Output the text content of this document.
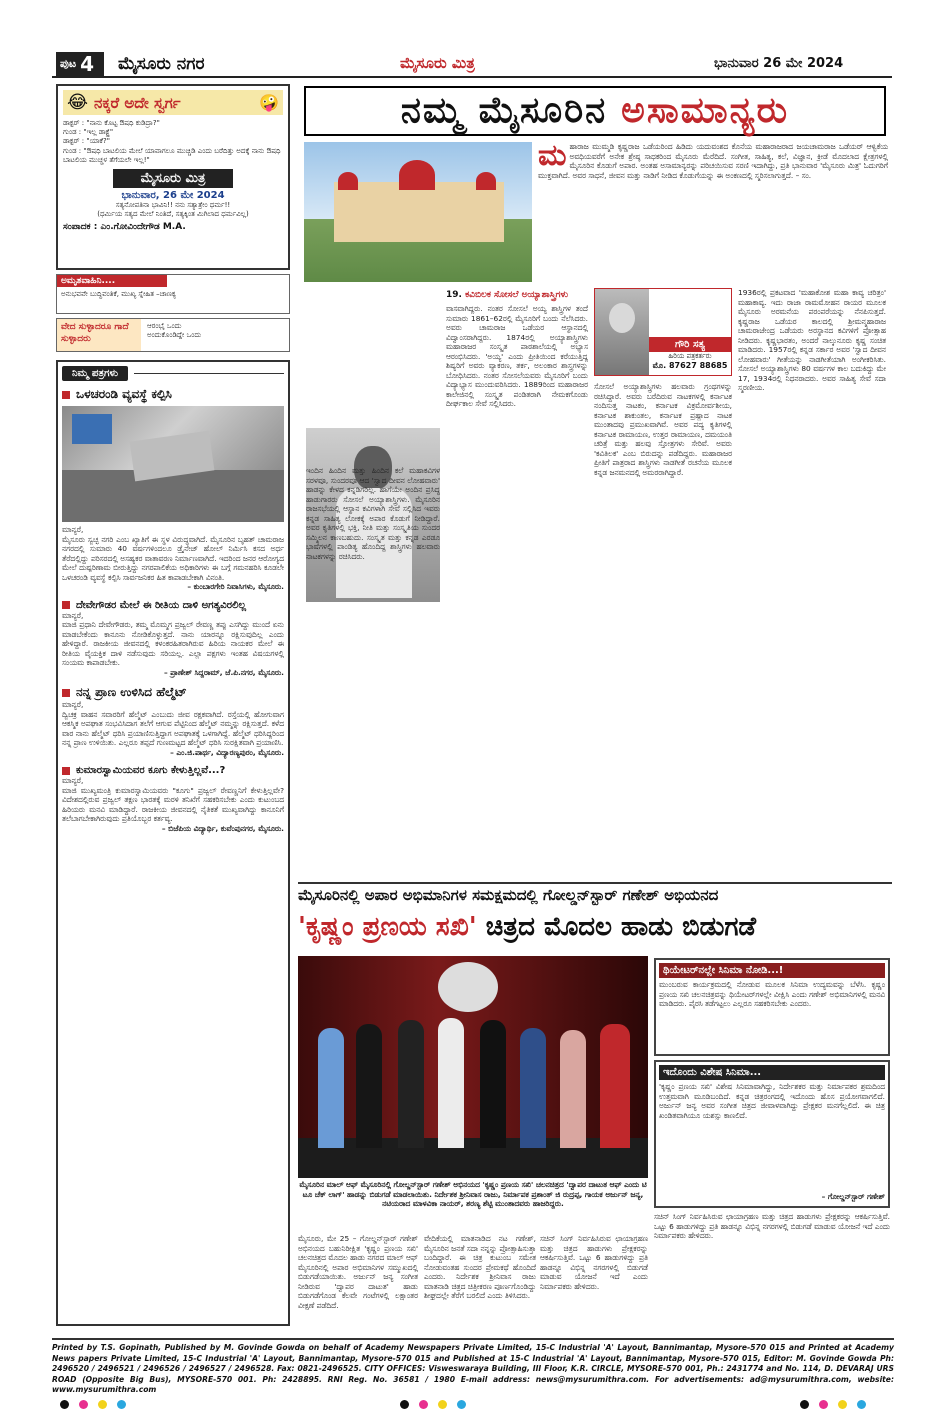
ಪುಟ 4 ಮೈಸೂರು ನಗರ	ಮೈಸೂರು ಮಿತ್ರ	ಭಾನುವಾರ 26 ಮೇ 2024
😂 ನಕ್ಕರೆ ಅದೇ ಸ್ವರ್ಗ	🤪
ಡಾಕ್ಟರ್ : "ನಾನು ಕೊಟ್ಟ ಔಷಧಿ ಕುಡಿದ್ರಾ?"
ಗುಂಡ : "ಇಲ್ಲ ಡಾಕ್ಟ್ರೆ"
ಡಾಕ್ಟರ್ : "ಯಾಕೆ?"
ಗುಂಡ : "ಔಷಧಿ ಬಾಟಲಿಯ ಮೇಲೆ ಯಾವಾಗಲೂ ಮುಚ್ಚಿಡಿ ಎಂದು ಬರೆದಿತ್ತು ಅದಕ್ಕೆ ನಾನು ಔಷಧಿ ಬಾಟಲಿಯ ಮುಚ್ಚಳ ತೆಗೆಯಲೇ ಇಲ್ಲ!"
ಮೈಸೂರು ಮಿತ್ರ
ಭಾನುವಾರ, 26 ಮೇ 2024
ಸತ್ಯನೋಪತಿನಾ ಭಾವಿನಿ!! ನನು ಸತ್ಯಾತ್ರೇಂ ಧರ್ಮ!!
(ಧರ್ಮಿಯ ಸತ್ಯದ ಮೇಲೆ ನಿಂತಿದೆ, ಸತ್ಯಕ್ಕಿಂತ ಮಿಗಿಲಾದ ಧರ್ಮವಿಲ್ಲ)
ಸಂಪಾದಕ : ಎಂ.ಗೋವಿಂದೇಗೌಡ M.A.
ಅಮೃತವಾಹಿನಿ....
ಅನುಭವವೇ ಬುದ್ಧಿವಂತಿಕೆ, ಮುಖ್ಯ ಸ್ನೇಹಿತ –ಚಾಣಕ್ಯ
ವೇದ ಸುಳ್ಳಾದರೂ ಗಾದೆ ಸುಳ್ಳಾದರು
ಆರಂಭೈ ಒಂದು
ಅಂದುಕೊಂಡಿದ್ದೇ ಒಂದು
ನಿಮ್ಮ ಪತ್ರಗಳು
ಒಳಚರಂಡಿ ವ್ಯವಸ್ಥೆ ಕಲ್ಪಿಸಿ
ಮಾನ್ಯರೆ,
ಮೈಸೂರು ಸ್ವಚ್ಛ ನಗರಿ ಎಂಬ ಖ್ಯಾತಿಗೆ ಈ ಸ್ಥಳ ವಿರುದ್ಧವಾಗಿದೆ. ಮೈಸೂರಿನ ಬೃಹತ್ ಚಾಮರಾಜ ನಗರದಲ್ಲಿ ಸುಮಾರು 40 ವರ್ಷಗಳಿಂದಲೂ ಡ್ರೈನೇಜ್ ಹೋಲ್ ನಿರ್ಮಿಸಿ ಕಸದ ಅರ್ಧ ತೆರೆದಲ್ಲಿದ್ದು ಪರಿಸರದಲ್ಲಿ ಅಸಹ್ಯಕರ ವಾತಾವರಣ ನಿರ್ಮಾಣವಾಗಿದೆ. ಇದರಿಂದ ಜನರ ಆರೋಗ್ಯದ ಮೇಲೆ ದುಷ್ಪರಿಣಾಮ ಬೀರುತ್ತಿದ್ದು ನಗರಪಾಲಿಕೆಯ ಅಧಿಕಾರಿಗಳು ಈ ಬಗ್ಗೆ ಗಮನಹರಿಸಿ ಕೂಡಲೇ ಒಳಚರಂಡಿ ವ್ಯವಸ್ಥೆ ಕಲ್ಪಿಸಿ ಸಾರ್ವಜನಿಕರ ಹಿತ ಕಾಪಾಡಬೇಕಾಗಿ ವಿನಂತಿ.
– ಕುಂಬಾರಗೇರಿ ನಿವಾಸಿಗಳು, ಮೈಸೂರು.
ದೇವೇಗೌಡರ ಮೇಲೆ ಈ ರೀತಿಯ ದಾಳಿ ಅಗತ್ಯವಿರಲಿಲ್ಲ
ಮಾನ್ಯರೆ,
ಮಾಜಿ ಪ್ರಧಾನಿ ದೇವೇಗೌಡರು, ತಮ್ಮ ಮೊಮ್ಮಗ ಪ್ರಜ್ವಲ್ ರೇವಣ್ಣ ತಪ್ಪು ಎಸಗಿದ್ದು ಮುಂದೆ ಏನು ಮಾಡಬೇಕೆಂದು ಕಾನೂನು ನೋಡಿಕೊಳ್ಳುತ್ತದೆ. ನಾನು ಯಾರನ್ನೂ ರಕ್ಷಿಸುವುದಿಲ್ಲ ಎಂದು ಹೇಳಿದ್ದಾರೆ. ರಾಜಕೀಯ ಜೀವನದಲ್ಲಿ ಕಳಂಕರಹಿತರಾಗಿರುವ ಹಿರಿಯ ನಾಯಕರ ಮೇಲೆ ಈ ರೀತಿಯ ವೈಯಕ್ತಿಕ ದಾಳಿ ನಡೆಸುವುದು ಸರಿಯಲ್ಲ. ಎಲ್ಲಾ ಪಕ್ಷಗಳು ಇಂತಹ ವಿಷಯಗಳಲ್ಲಿ ಸಂಯಮ ಕಾಪಾಡಬೇಕು.
– ಪ್ರಾಣೇಶ್ ಸಿದ್ದರಾಮ್, ಜೆ.ಪಿ.ನಗರ, ಮೈಸೂರು.
ನನ್ನ ಪ್ರಾಣ ಉಳಿಸಿದ ಹೆಲ್ಮೆಟ್
ಮಾನ್ಯರೆ,
ದ್ವಿಚಕ್ರ ವಾಹನ ಸವಾರರಿಗೆ ಹೆಲ್ಮೆಟ್ ಎಂಬುದು ಜೀವ ರಕ್ಷಕವಾಗಿದೆ. ರಸ್ತೆಯಲ್ಲಿ ಹೋಗುವಾಗ ಆಕಸ್ಮಿಕ ಅಪಘಾತ ಸಂಭವಿಸಿದಾಗ ತಲೆಗೆ ಆಗುವ ಪೆಟ್ಟಿನಿಂದ ಹೆಲ್ಮೆಟ್ ನಮ್ಮನ್ನು ರಕ್ಷಿಸುತ್ತದೆ. ಕಳೆದ ವಾರ ನಾನು ಹೆಲ್ಮೆಟ್ ಧರಿಸಿ ಪ್ರಯಾಣಿಸುತ್ತಿದ್ದಾಗ ಅಪಘಾತಕ್ಕೆ ಒಳಗಾಗಿದ್ದೆ. ಹೆಲ್ಮೆಟ್ ಧರಿಸಿದ್ದರಿಂದ ನನ್ನ ಪ್ರಾಣ ಉಳಿಯಿತು. ಎಲ್ಲರೂ ತಪ್ಪದೆ ಗುಣಮಟ್ಟದ ಹೆಲ್ಮೆಟ್ ಧರಿಸಿ ಸುರಕ್ಷಿತವಾಗಿ ಪ್ರಯಾಣಿಸಿ.
– ಎಂ.ಜಿ.ಪಾರ್ಥ, ವಿದ್ಯಾರಣ್ಯಪುರಂ, ಮೈಸೂರು.
ಕುಮಾರಸ್ವಾಮಿಯವರ ಕೂಗು ಕೇಳುತ್ತಿಲ್ಲವೆ...?
ಮಾನ್ಯರೆ,
ಮಾಜಿ ಮುಖ್ಯಮಂತ್ರಿ ಕುಮಾರಸ್ವಾಮಿಯವರು "ಕೂಗು" ಪ್ರಜ್ವಲ್ ರೇವಣ್ಣನಿಗೆ ಕೇಳುತ್ತಿಲ್ಲವೇ? ವಿದೇಶದಲ್ಲಿರುವ ಪ್ರಜ್ವಲ್ ತಕ್ಷಣ ಭಾರತಕ್ಕೆ ಮರಳಿ ತನಿಖೆಗೆ ಸಹಕರಿಸಬೇಕು ಎಂದು ಕುಟುಂಬದ ಹಿರಿಯರು ಮನವಿ ಮಾಡಿದ್ದಾರೆ. ರಾಜಕೀಯ ಜೀವನದಲ್ಲಿ ನೈತಿಕತೆ ಮುಖ್ಯವಾಗಿದ್ದು ಕಾನೂನಿಗೆ ತಲೆಬಾಗಬೇಕಾಗಿರುವುದು ಪ್ರತಿಯೊಬ್ಬರ ಕರ್ತವ್ಯ.
– ಬಿಜೆಪಿಯ ವಿದ್ಯಾರ್ಥಿ, ಕುವೆಂಪುನಗರ, ಮೈಸೂರು.
ನಮ್ಮ ಮೈಸೂರಿನ ಅಸಾಮಾನ್ಯರು
ಮ ಹಾರಾಜ ಮುಮ್ಮಡಿ ಕೃಷ್ಣರಾಜ ಒಡೆಯರಿಂದ ಹಿಡಿದು ಯದುವಂಶದ ಕೊನೆಯ ಮಹಾರಾಜರಾದ ಜಯಚಾಮರಾಜ ಒಡೆಯರ್ ಆಳ್ವಿಕೆಯ ಅವಧಿಯವರೆಗೆ ಅನೇಕ ಶ್ರೇಷ್ಠ ಸಾಧಕರಿಂದ ಮೈಸೂರು ಮೆರೆದಿದೆ. ಸಂಗೀತ, ಸಾಹಿತ್ಯ, ಕಲೆ, ವಿಜ್ಞಾನ, ಕ್ರೀಡೆ ಮೊದಲಾದ ಕ್ಷೇತ್ರಗಳಲ್ಲಿ ಮೈಸೂರಿನ ಕೊಡುಗೆ ಅಪಾರ. ಅಂತಹ ಅಸಾಮಾನ್ಯರನ್ನು ಪರಿಚಯಿಸುವ ಸರಣಿ ಇದಾಗಿದ್ದು, ಪ್ರತಿ ಭಾನುವಾರ 'ಮೈಸೂರು ಮಿತ್ರ' ಓದುಗರಿಗೆ ಮುಕ್ತವಾಗಿದೆ. ಅವರ ಸಾಧನೆ, ಜೀವನ ಮತ್ತು ನಾಡಿಗೆ ನೀಡಿದ ಕೊಡುಗೆಯನ್ನು ಈ ಅಂಕಣದಲ್ಲಿ ಸ್ಮರಿಸಲಾಗುತ್ತದೆ. – ಸಂ.
19. ಕವಿಬಿಲಕ ಸೋಸಲೆ ಅಯ್ಯಾಶಾಸ್ತ್ರಿಗಳು
ವಾಸವಾಗಿದ್ದರು. ನಂತರ ಸೋಸಲೆ ಅಯ್ಯ ಶಾಸ್ತ್ರಿಗಳ ತಂದೆ ಸುಮಾರು 1861–62ರಲ್ಲಿ ಮೈಸೂರಿಗೆ ಬಂದು ನೆಲೆಸಿದರು. ಅವರು ಚಾಮರಾಜ ಒಡೆಯರ ಆಸ್ಥಾನದಲ್ಲಿ ವಿದ್ವಾಂಸರಾಗಿದ್ದರು. 1874ರಲ್ಲಿ ಅಯ್ಯಾಶಾಸ್ತ್ರಿಗಳು ಮಹಾರಾಜರ ಸಂಸ್ಕೃತ ಪಾಠಶಾಲೆಯಲ್ಲಿ ಅಭ್ಯಾಸ ಆರಂಭಿಸಿದರು. 'ಅಯ್ಯ' ಎಂದು ಪ್ರೀತಿಯಿಂದ ಕರೆಯುತ್ತಿದ್ದ ಶಿಷ್ಯರಿಗೆ ಅವರು ವ್ಯಾಕರಣ, ತರ್ಕ, ಅಲಂಕಾರ ಶಾಸ್ತ್ರಗಳನ್ನು ಬೋಧಿಸಿದರು. ನಂತರ ಸೋಸಲೆಯವರು ಮೈಸೂರಿಗೆ ಬಂದು ವಿದ್ಯಾಭ್ಯಾಸ ಮುಂದುವರಿಸಿದರು. 1889ರಿಂದ ಮಹಾರಾಜರ ಕಾಲೇಜಿನಲ್ಲಿ ಸಂಸ್ಕೃತ ಪಂಡಿತರಾಗಿ ನೇಮಕಗೊಂಡು ದೀರ್ಘಕಾಲ ಸೇವೆ ಸಲ್ಲಿಸಿದರು.
ಇಂದಿನ ಹಿಂದಿನ ಮತ್ತು ಹಿಂದಿನ ಕಲೆ ಮಹಾಕವಿಗಳ ಸರಳವೂ, ಸುಂದರವೂ ಆದ 'ಸ್ವಾದ ದೀವನ ಲೋಹವಾರು' ಹಾಡನ್ನು ಕೇಳದ ಕನ್ನಡಿಗರಿಲ್ಲ. ಹಾಗೆಯೇ ಅಂದಿನ ಪ್ರಸಿದ್ಧ ಹಾಡುಗಾರರು ಸೋಸಲೆ ಅಯ್ಯಾಶಾಸ್ತ್ರಿಗಳು. ಮೈಸೂರಿನ ರಾಜಸಭೆಯಲ್ಲಿ ಆಸ್ಥಾನ ಕವಿಗಳಾಗಿ ಸೇವೆ ಸಲ್ಲಿಸಿದ ಇವರು ಕನ್ನಡ ಸಾಹಿತ್ಯ ಲೋಕಕ್ಕೆ ಅಪಾರ ಕೊಡುಗೆ ನೀಡಿದ್ದಾರೆ. ಅವರ ಕೃತಿಗಳಲ್ಲಿ ಭಕ್ತಿ, ನೀತಿ ಮತ್ತು ಸಂಸ್ಕೃತಿಯ ಸುಂದರ ಸಮ್ಮಿಲನ ಕಾಣಬಹುದು. ಸಂಸ್ಕೃತ ಮತ್ತು ಕನ್ನಡ ಎರಡೂ ಭಾಷೆಗಳಲ್ಲಿ ಪಾಂಡಿತ್ಯ ಹೊಂದಿದ್ದ ಶಾಸ್ತ್ರಿಗಳು ಹಲವಾರು ನಾಟಕಗಳನ್ನು ರಚಿಸಿದರು.
ಗೌರಿ ಸತ್ಯ
ಹಿರಿಯ ಪತ್ರಕರ್ತರು
ಮೊ. 87627 88685
ಸೋಸಲೆ ಅಯ್ಯಾಶಾಸ್ತ್ರಿಗಳು ಹಲವಾರು ಗ್ರಂಥಗಳನ್ನು ರಚಿಸಿದ್ದಾರೆ. ಅವರು ಬರೆದಿರುವ ನಾಟಕಗಳಲ್ಲಿ ಕರ್ನಾಟಕ ನಂದಿಸುತ್ತ ನಾಟಕಂ, ಕರ್ನಾಟಕ ವಿಕ್ರಮೋರ್ವಶೀಯ, ಕರ್ನಾಟಕ ಶಾಕುಂತಲ, ಕರ್ನಾಟಕ ಪ್ರಹ್ಲಾದ ನಾಟಕ ಮುಂತಾದವು ಪ್ರಮುಖವಾಗಿವೆ. ಅವರ ಪದ್ಯ ಕೃತಿಗಳಲ್ಲಿ ಕರ್ನಾಟಕ ರಾಮಾಯಣ, ಉತ್ತರ ರಾಮಾಯಣ, ದಮಯಂತಿ ಚರಿತ್ರೆ ಮತ್ತು ಹಲವು ಸ್ತೋತ್ರಗಳು ಸೇರಿವೆ. ಅವರು 'ಕವಿತಿಲಕ' ಎಂಬ ಬಿರುದನ್ನು ಪಡೆದಿದ್ದರು. ಮಹಾರಾಜರ ಪ್ರೀತಿಗೆ ಪಾತ್ರರಾದ ಶಾಸ್ತ್ರಿಗಳು ನಾಡಗೀತೆ ರಚನೆಯ ಮೂಲಕ ಕನ್ನಡ ಜನಮನದಲ್ಲಿ ಅಮರರಾಗಿದ್ದಾರೆ.
1936ರಲ್ಲಿ ಪ್ರಕಟವಾದ 'ಮಹಾಕೋಶ ಮಹಾ ಕಾವ್ಯ ಚರಿತ್ರಂ' ಮಹಾಕಾವ್ಯ. ಇದು ರಾಜಾ ರಾಮಮೋಹನ ರಾಯರ ಮೂಲಕ ಮೈಸೂರು ಅರಮನೆಯ ಪರಂಪರೆಯನ್ನು ನೆನಪಿಸುತ್ತದೆ. ಕೃಷ್ಣರಾಜ ಒಡೆಯರ ಕಾಲದಲ್ಲಿ ಶ್ರೀಮನ್ಮಹಾರಾಜ ಚಾಮರಾಜೇಂದ್ರ ಒಡೆಯರು ಅರಸ್ಥಾನದ ಕವಿಗಳಿಗೆ ಪ್ರೋತ್ಸಾಹ ನೀಡಿದರು. ಕೃಷ್ಣಭಾರತಂ, ಅಂದರೆ ನಾಲ್ಕುನೂರು ಕೃಷ್ಣ ಸಂಚಿತ ಮಾಡಿದರು. 1957ರಲ್ಲಿ ಕನ್ನಡ ಸರ್ಕಾರ ಅವರ 'ಸ್ವಾದ ದೀವನ ಲೋಹವಾರು' ಗೀತೆಯನ್ನು ನಾಡಗೀತೆಯಾಗಿ ಅಂಗೀಕರಿಸಿತು. ಸೋಸಲೆ ಅಯ್ಯಾಶಾಸ್ತ್ರಿಗಳು 80 ವರ್ಷಗಳ ಕಾಲ ಬದುಕಿದ್ದು ಮೇ 17, 1934ರಲ್ಲಿ ನಿಧನರಾದರು. ಅವರ ಸಾಹಿತ್ಯ ಸೇವೆ ಸದಾ ಸ್ಮರಣೀಯ.
ಮೈಸೂರಿನಲ್ಲಿ ಅಪಾರ ಅಭಿಮಾನಿಗಳ ಸಮಕ್ಷಮದಲ್ಲಿ ಗೋಲ್ಡನ್‌ಸ್ಟಾರ್ ಗಣೇಶ್ ಅಭಿಯನದ
'ಕೃಷ್ಣಂ ಪ್ರಣಯ ಸಖಿ' ಚಿತ್ರದ ಮೊದಲ ಹಾಡು ಬಿಡುಗಡೆ
ಮೈಸೂರಿನ ಮಾಲ್ ಆಫ್ ಮೈಸೂರಿನಲ್ಲಿ ಗೋಲ್ಡನ್‌ಸ್ಟಾರ್ ಗಣೇಶ್ ಅಭಿನಯದ 'ಕೃಷ್ಣಂ ಪ್ರಣಯ ಸಖಿ' ಚಲನಚಿತ್ರದ 'ದ್ವಾಪರ ದಾಟುತ ಆಫ್ ಎಂದು ಟಿ ಟೂ ಚೆಕ್ ಲಾಗ್' ಹಾಡನ್ನು ಬಿಡುಗಡೆ ಮಾಡಲಾಯಿತು. ನಿರ್ದೇಶಕ ಶ್ರೀನಿವಾಸ ರಾಜು, ನಿರ್ಮಾಪಕ ಪ್ರಶಾಂತ್ ಜಿ ರುದ್ರಪ್ಪ, ಗಾಯಕ ಅರ್ಜುನ್ ಜನ್ಯ, ನಟಿಯರಾದ ಮಾಳವಿಕಾ ನಾಯರ್, ಶರಣ್ಯ ಶೆಟ್ಟಿ ಮುಂತಾದವರು ಹಾಜರಿದ್ದರು.
ಮೈಸೂರು, ಮೇ 25 – ಗೋಲ್ಡನ್‌ಸ್ಟಾರ್ ಗಣೇಶ್ ಅಭಿನಯದ ಬಹುನಿರೀಕ್ಷಿತ 'ಕೃಷ್ಣಂ ಪ್ರಣಯ ಸಖಿ' ಚಲನಚಿತ್ರದ ಮೊದಲ ಹಾಡು ನಗರದ ಮಾಲ್ ಆಫ್ ಮೈಸೂರಿನಲ್ಲಿ ಅಪಾರ ಅಭಿಮಾನಿಗಳ ಸಮ್ಮುಖದಲ್ಲಿ ಬಿಡುಗಡೆಯಾಯಿತು. ಅರ್ಜುನ್ ಜನ್ಯ ಸಂಗೀತ ನೀಡಿರುವ 'ದ್ವಾಪರ ದಾಟುತ' ಹಾಡು ಬಿಡುಗಡೆಗೊಂಡ ಕೆಲವೇ ಗಂಟೆಗಳಲ್ಲಿ ಲಕ್ಷಾಂತರ ವೀಕ್ಷಣೆ ಪಡೆದಿದೆ.
ವೇದಿಕೆಯಲ್ಲಿ ಮಾತನಾಡಿದ ನಟ ಗಣೇಶ್, ಮೈಸೂರಿನ ಜನತೆ ಸದಾ ನನ್ನನ್ನು ಪ್ರೋತ್ಸಾಹಿಸುತ್ತಾ ಬಂದಿದ್ದಾರೆ. ಈ ಚಿತ್ರ ಕುಟುಂಬ ಸಮೇತ ನೋಡುವಂತಹ ಸುಂದರ ಪ್ರೇಮಕಥೆ ಹೊಂದಿದೆ ಎಂದರು. ನಿರ್ದೇಶಕ ಶ್ರೀನಿವಾಸ ರಾಜು ಮಾತನಾಡಿ ಚಿತ್ರದ ಚಿತ್ರೀಕರಣ ಪೂರ್ಣಗೊಂಡಿದ್ದು ಶೀಘ್ರದಲ್ಲೇ ತೆರೆಗೆ ಬರಲಿದೆ ಎಂದು ತಿಳಿಸಿದರು.
ಸಚಿನ್ ಸಿಂಗ್ ನಿರ್ವಹಿಸಿರುವ ಛಾಯಾಗ್ರಹಣ ಮತ್ತು ಚಿತ್ರದ ಹಾಡುಗಳು ಪ್ರೇಕ್ಷಕರನ್ನು ಆಕರ್ಷಿಸುತ್ತಿವೆ. ಒಟ್ಟು 6 ಹಾಡುಗಳಿದ್ದು ಪ್ರತಿ ಹಾಡನ್ನೂ ವಿಭಿನ್ನ ನಗರಗಳಲ್ಲಿ ಬಿಡುಗಡೆ ಮಾಡುವ ಯೋಜನೆ ಇದೆ ಎಂದು ನಿರ್ಮಾಪಕರು ಹೇಳಿದರು.
ಥಿಯೇಟರ್‌ನಲ್ಲೇ ಸಿನಿಮಾ ನೋಡಿ...!
ಮುಂಬರುವ ಕಾರ್ಯಕ್ರಮದಲ್ಲಿ ನೋಡುವ ಮೂಲಕ ಸಿನಿಮಾ ಉದ್ಯಮವನ್ನು ಬೆಳೆಸಿ. ಕೃಷ್ಣಂ ಪ್ರಣಯ ಸಖಿ ಚಲನಚಿತ್ರವನ್ನು ಥಿಯೇಟರ್‌ಗಳಲ್ಲೇ ವೀಕ್ಷಿಸಿ ಎಂದು ಗಣೇಶ್ ಅಭಿಮಾನಿಗಳಲ್ಲಿ ಮನವಿ ಮಾಡಿದರು. ಪೈರಸಿ ತಡೆಗಟ್ಟಲು ಎಲ್ಲರೂ ಸಹಕರಿಸಬೇಕು ಎಂದರು.
ಇದೊಂದು ವಿಶೇಷ ಸಿನಿಮಾ...
'ಕೃಷ್ಣಂ ಪ್ರಣಯ ಸಖಿ' ವಿಶೇಷ ಸಿನಿಮಾವಾಗಿದ್ದು, ನಿರ್ದೇಶಕರ ಮತ್ತು ನಿರ್ಮಾಪಕರ ಶ್ರಮದಿಂದ ಉತ್ತಮವಾಗಿ ಮೂಡಿಬಂದಿದೆ. ಕನ್ನಡ ಚಿತ್ರರಂಗದಲ್ಲಿ ಇದೊಂದು ಹೊಸ ಪ್ರಯೋಗವಾಗಲಿದೆ. ಅರ್ಜುನ್ ಜನ್ಯ ಅವರ ಸಂಗೀತ ಚಿತ್ರದ ಜೀವಾಳವಾಗಿದ್ದು ಪ್ರೇಕ್ಷಕರ ಮನಗೆಲ್ಲಲಿದೆ. ಈ ಚಿತ್ರ ಖಂಡಿತವಾಗಿಯೂ ಯಶಸ್ಸು ಕಾಣಲಿದೆ.
– ಗೋಲ್ಡನ್‌ಸ್ಟಾರ್ ಗಣೇಶ್
ಸಚಿನ್ ಸಿಂಗ್ ನಿರ್ವಹಿಸಿರುವ ಛಾಯಾಗ್ರಹಣ ಮತ್ತು ಚಿತ್ರದ ಹಾಡುಗಳು ಪ್ರೇಕ್ಷಕರನ್ನು ಆಕರ್ಷಿಸುತ್ತಿವೆ. ಒಟ್ಟು 6 ಹಾಡುಗಳಿದ್ದು ಪ್ರತಿ ಹಾಡನ್ನೂ ವಿಭಿನ್ನ ನಗರಗಳಲ್ಲಿ ಬಿಡುಗಡೆ ಮಾಡುವ ಯೋಜನೆ ಇದೆ ಎಂದು ನಿರ್ಮಾಪಕರು ಹೇಳಿದರು.
Printed by T.S. Gopinath, Published by M. Govinde Gowda on behalf of Academy Newspapers Private Limited, 15-C Industrial 'A' Layout, Bannimantap, Mysore-570 015 and Printed at Academy News papers Private Limited, 15-C Industrial 'A' Layout, Bannimantap, Mysore-570 015 and Published at 15-C Industrial 'A' Layout, Bannimantap, Mysore-570 015, Editor: M. Govinde Gowda Ph: 2496520 / 2496521 / 2496526 / 2496527 / 2496528. Fax: 0821-2496525. CITY OFFICES: Visweswaraya Building, III Floor, K.R. CIRCLE, MYSORE-570 001, Ph.: 2431774 and No. 114, D. DEVARAJ URS ROAD (Opposite Big Bus), MYSORE-570 001. Ph: 2428895. RNI Reg. No. 36581 / 1980 E-mail address: news@mysurumithra.com. For advertisements: ad@mysurumithra.com, website: www.mysurumithra.com
